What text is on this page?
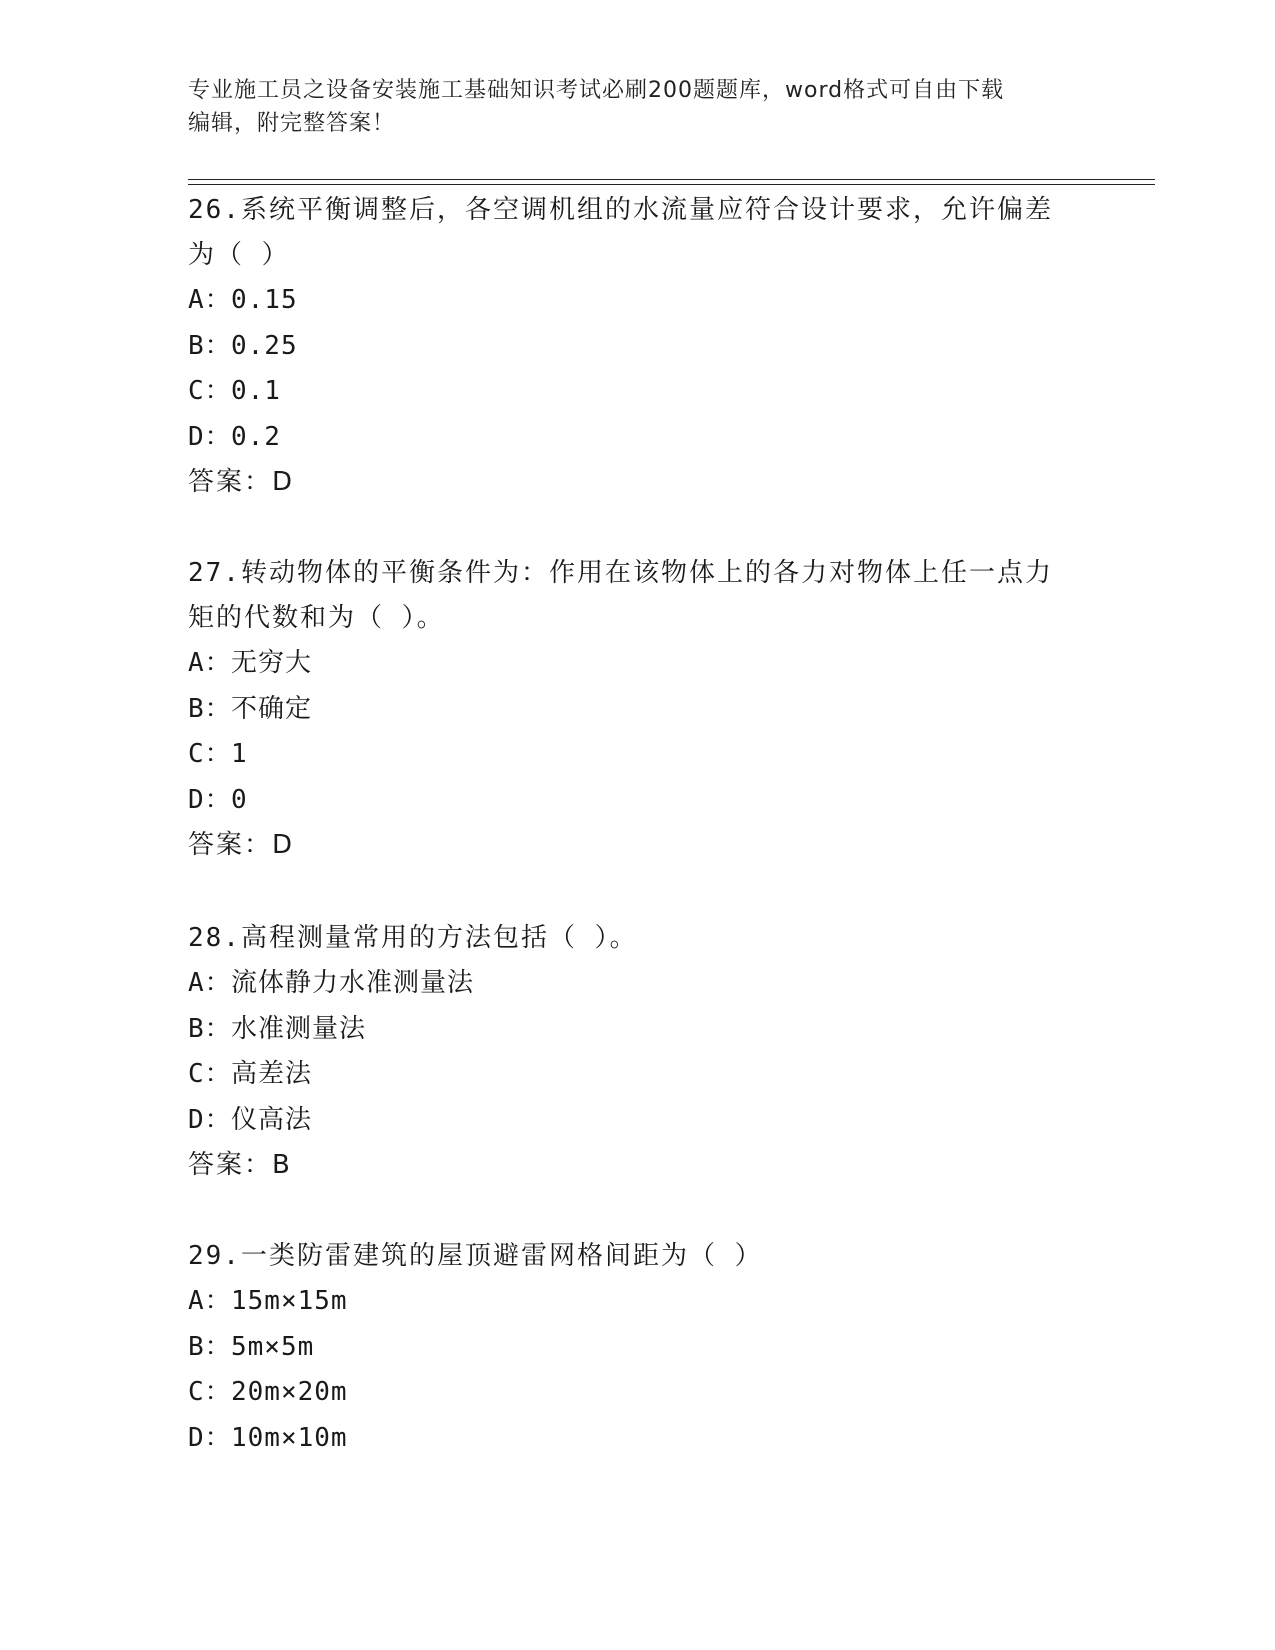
专业施工员之设备安装施工基础知识考试必刷200题题库，word格式可自由下载
编辑，附完整答案！

26.系统平衡调整后，各空调机组的水流量应符合设计要求，允许偏差
为（ ）

A：0.15

B：0.25

C：0.1

D：0.2

答案：D

27.转动物体的平衡条件为：作用在该物体上的各力对物体上任一点力
矩的代数和为（ ）。

A：无穷大

B：不确定

C：1

D：0

答案：D

28.高程测量常用的方法包括（ ）。

A：流体静力水准测量法

B：水准测量法

C：高差法

D：仪高法

答案：B

29.一类防雷建筑的屋顶避雷网格间距为（ ）

A：15m×15m

B：5m×5m

C：20m×20m

D：10m×10m
